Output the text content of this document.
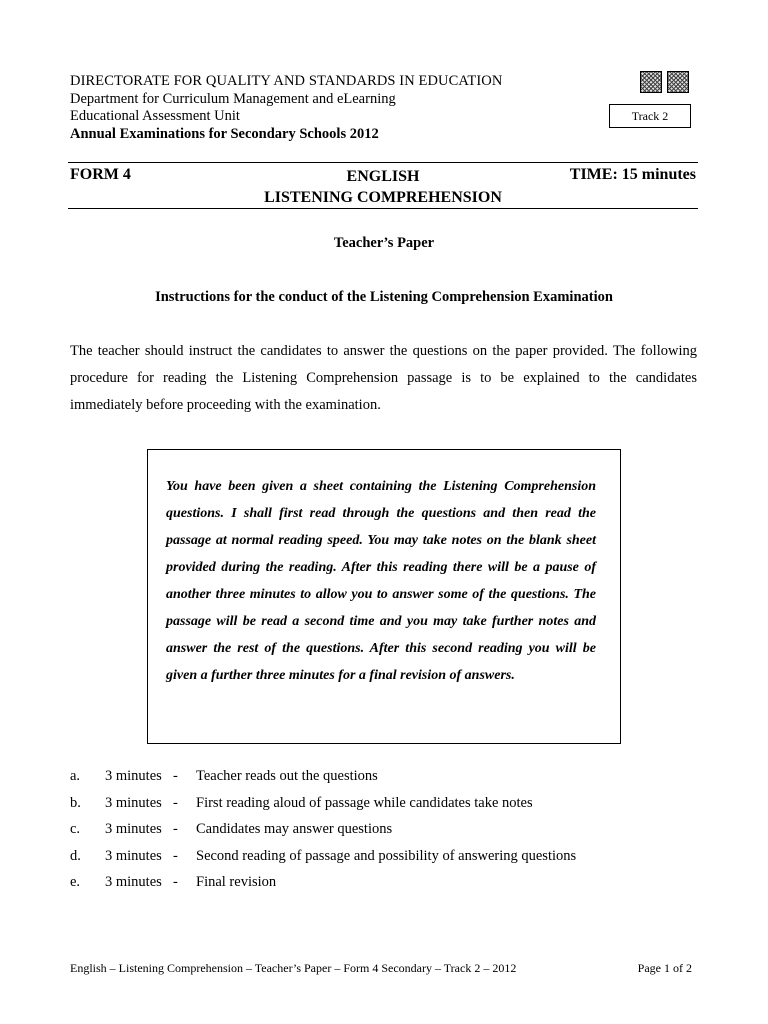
DIRECTORATE FOR QUALITY AND STANDARDS IN EDUCATION
Department for Curriculum Management and eLearning
Educational Assessment Unit
Annual Examinations for Secondary Schools 2012
Track 2
FORM 4	ENGLISH
LISTENING COMPREHENSION
TIME: 15 minutes
Teacher’s Paper
Instructions for the conduct of the Listening Comprehension Examination
The teacher should instruct the candidates to answer the questions on the paper provided. The following procedure for reading the Listening Comprehension passage is to be explained to the candidates immediately before proceeding with the examination.

You have been given a sheet containing the Listening Comprehension questions. I shall first read through the questions and then read the passage at normal reading speed. You may take notes on the blank sheet provided during the reading. After this reading there will be a pause of another three minutes to allow you to answer some of the questions. The passage will be read a second time and you may take further notes and answer the rest of the questions. After this second reading you will be given a further three minutes for a final revision of answers.

a. 3 minutes - Teacher reads out the questions
b. 3 minutes - First reading aloud of passage while candidates take notes
c. 3 minutes - Candidates may answer questions
d. 3 minutes - Second reading of passage and possibility of answering questions
e. 3 minutes - Final revision
English – Listening Comprehension – Teacher’s Paper – Form 4 Secondary – Track 2 – 2012	Page 1 of 2
